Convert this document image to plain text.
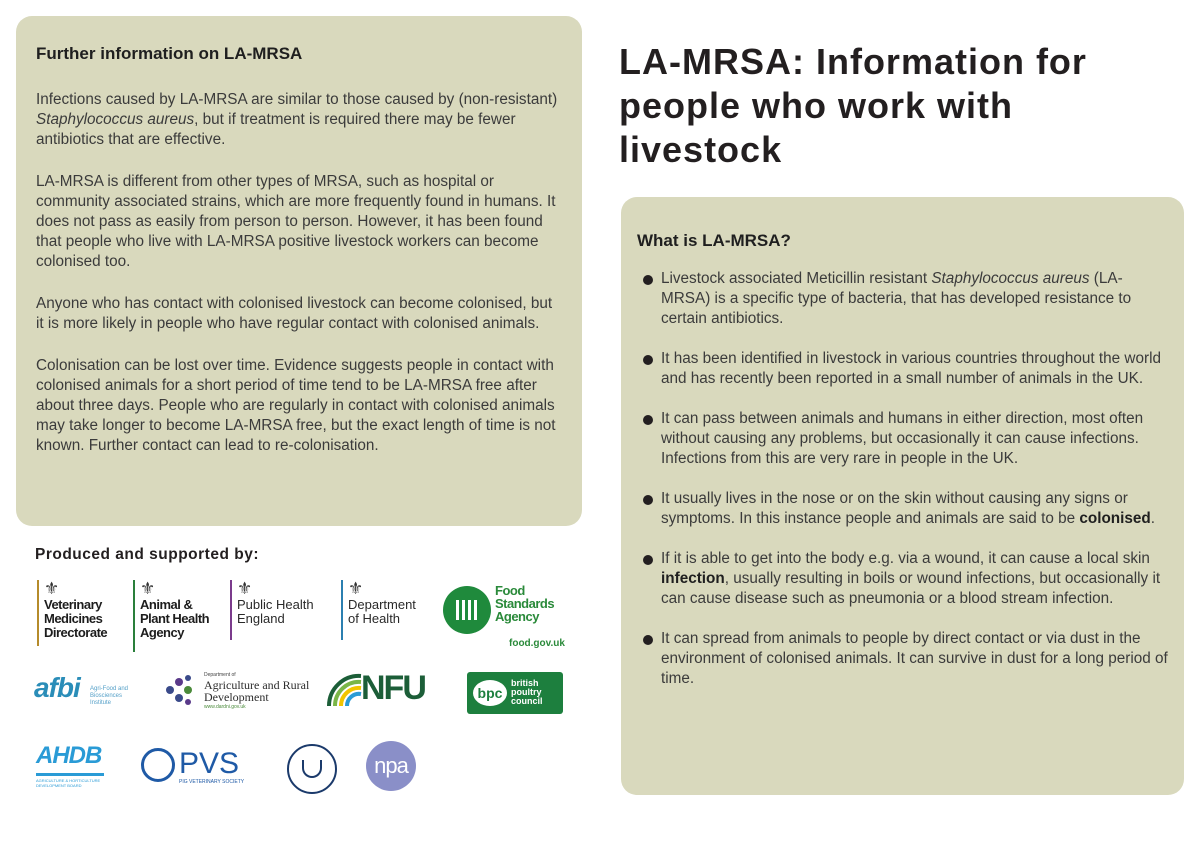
Further information on LA-MRSA

Infections caused by LA-MRSA are similar to those caused by (non-resistant) Staphylococcus aureus, but if treatment is required there may be fewer antibiotics that are effective.

LA-MRSA is different from other types of MRSA, such as hospital or community associated strains, which are more frequently found in humans. It does not pass as easily from person to person. However, it has been found that people who live with LA-MRSA positive livestock workers can become colonised too.

Anyone who has contact with colonised livestock can become colonised, but it is more likely in people who have regular contact with colonised animals.

Colonisation can be lost over time. Evidence suggests people in contact with colonised animals for a short period of time tend to be LA-MRSA free after about three days. People who are regularly in contact with colonised animals may take longer to become LA-MRSA free, but the exact length of time is not known. Further contact can lead to re-colonisation.

LA-MRSA: Information for people who work with livestock
What is LA-MRSA?
Livestock associated Meticillin resistant Staphylococcus aureus (LA-MRSA) is a specific type of bacteria, that has developed resistance to certain antibiotics.
It has been identified in livestock in various countries throughout the world and has recently been reported in a small number of animals in the UK.
It can pass between animals and humans in either direction, most often without causing any problems, but occasionally it can cause infections. Infections from this are very rare in people in the UK.
It usually lives in the nose or on the skin without causing any signs or symptoms. In this instance people and animals are said to be colonised.
If it is able to get into the body e.g. via a wound, it can cause a local skin infection, usually resulting in boils or wound infections, but occasionally it can cause disease such as pneumonia or a blood stream infection.
It can spread from animals to people by direct contact or via dust in the environment of colonised animals. It can survive in dust for a long period of time.
Produced and supported by:
⚜
Veterinary
Medicines
Directorate
⚜
Animal &
Plant Health
Agency
⚜
Public Health
England
⚜
Department
of Health
Food
Standards
Agency
food.gov.uk
afbi Agri-Food and Biosciences Institute
Department of
Agriculture and Rural Development
www.dardni.gov.uk	NFU	bpc
british
poultry
council
AHDB
AGRICULTURE & HORTICULTURE DEVELOPMENT BOARD
PVS
PIG VETERINARY SOCIETY
npa
